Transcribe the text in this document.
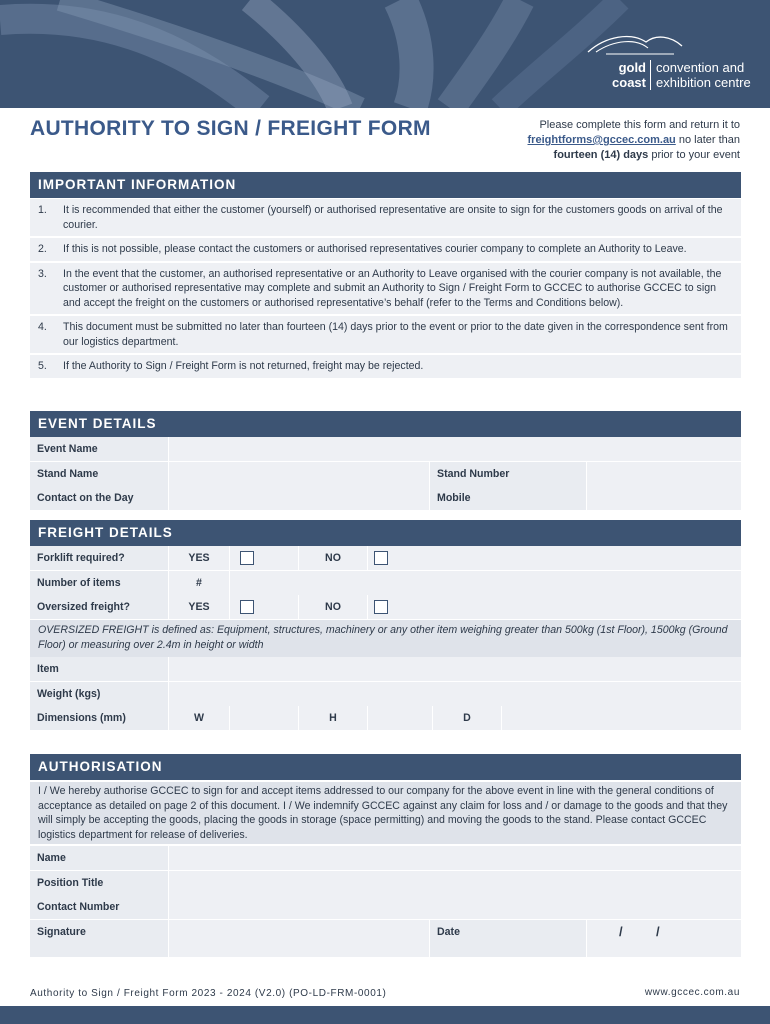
gold
coast
convention and
exhibition centre
AUTHORITY TO SIGN / FREIGHT FORM	Please complete this form and return it to
freightforms@gccec.com.au no later than
fourteen (14) days prior to your event
IMPORTANT INFORMATION
1.	It is recommended that either the customer (yourself) or authorised representative are onsite to sign for the customers goods on arrival of the courier.
2.	If this is not possible, please contact the customers or authorised representatives courier company to complete an Authority to Leave.
3.	In the event that the customer, an authorised representative or an Authority to Leave organised with the courier company is not available, the customer or authorised representative may complete and submit an Authority to Sign / Freight Form to GCCEC to authorise GCCEC to sign and accept the freight on the customers or authorised representative’s behalf (refer to the Terms and Conditions below).
4.	This document must be submitted no later than fourteen (14) days prior to the event or prior to the date given in the correspondence sent from our logistics department.
5.	If the Authority to Sign / Freight Form is not returned, freight may be rejected.
EVENT DETAILS
Event Name
Stand Name	Stand Number
Contact on the Day	Mobile
FREIGHT DETAILS
Forklift required?	YES	NO
Number of items	#
Oversized freight?	YES	NO
OVERSIZED FREIGHT is defined as: Equipment, structures, machinery or any other item weighing greater than 500kg (1st Floor), 1500kg (Ground Floor) or measuring over 2.4m in height or width
Item
Weight (kgs)
Dimensions (mm)	W	H	D
AUTHORISATION
I / We hereby authorise GCCEC to sign for and accept items addressed to our company for the above event in line with the general conditions of acceptance as detailed on page 2 of this document. I / We indemnify GCCEC against any claim for loss and / or damage to the goods and that they will simply be accepting the goods, placing the goods in storage (space permitting) and moving the goods to the stand. Please contact GCCEC logistics department for release of deliveries.
Name
Position Title
Contact Number
Signature	Date	/	/
Authority to Sign / Freight Form 2023 - 2024 (V2.0) (PO-LD-FRM-0001)	www.gccec.com.au
